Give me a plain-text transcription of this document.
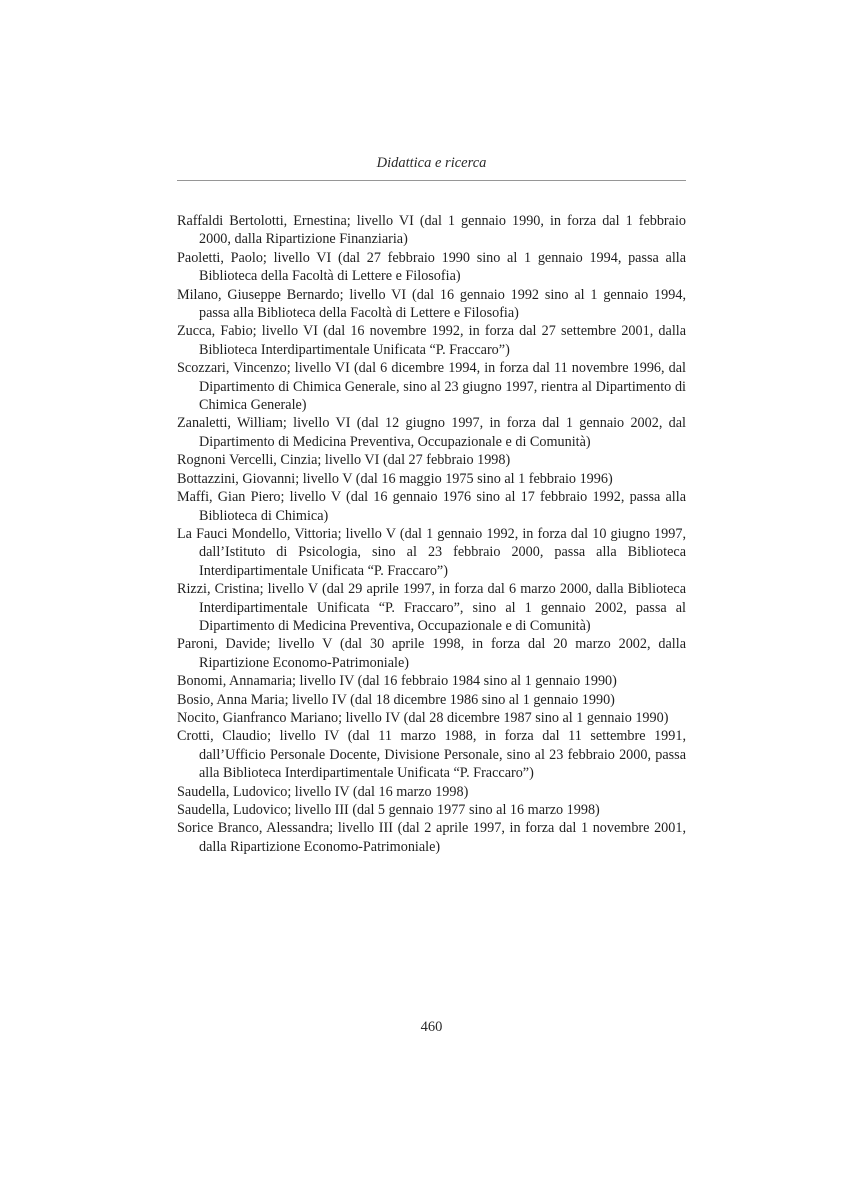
Didattica e ricerca

Raffaldi Bertolotti, Ernestina; livello VI (dal 1 gennaio 1990, in forza dal 1 febbraio 2000, dalla Ripartizione Finanziaria)

Paoletti, Paolo; livello VI (dal 27 febbraio 1990 sino al 1 gennaio 1994, passa alla Biblioteca della Facoltà di Lettere e Filosofia)

Milano, Giuseppe Bernardo; livello VI (dal 16 gennaio 1992 sino al 1 gennaio 1994, passa alla Biblioteca della Facoltà di Lettere e Filosofia)

Zucca, Fabio; livello VI (dal 16 novembre 1992, in forza dal 27 settembre 2001, dalla Biblioteca Interdipartimentale Unificata “P. Fraccaro”)

Scozzari, Vincenzo; livello VI (dal 6 dicembre 1994, in forza dal 11 novembre 1996, dal Dipartimento di Chimica Generale, sino al 23 giugno 1997, rientra al Dipartimento di Chimica Generale)

Zanaletti, William; livello VI (dal 12 giugno 1997, in forza dal 1 gennaio 2002, dal Dipartimento di Medicina Preventiva, Occupazionale e di Comunità)

Rognoni Vercelli, Cinzia; livello VI (dal 27 febbraio 1998)

Bottazzini, Giovanni; livello V (dal 16 maggio 1975 sino al 1 febbraio 1996)

Maffi, Gian Piero; livello V (dal 16 gennaio 1976 sino al 17 febbraio 1992, passa alla Biblioteca di Chimica)

La Fauci Mondello, Vittoria; livello V (dal 1 gennaio 1992, in forza dal 10 giugno 1997, dall’Istituto di Psicologia, sino al 23 febbraio 2000, passa alla Biblioteca Interdipartimentale Unificata “P. Fraccaro”)

Rizzi, Cristina; livello V (dal 29 aprile 1997, in forza dal 6 marzo 2000, dalla Biblioteca Interdipartimentale Unificata “P. Fraccaro”, sino al 1 gennaio 2002, passa al Dipartimento di Medicina Preventiva, Occupazionale e di Comunità)

Paroni, Davide; livello V (dal 30 aprile 1998, in forza dal 20 marzo 2002, dalla Ripartizione Economo-Patrimoniale)

Bonomi, Annamaria; livello IV (dal 16 febbraio 1984 sino al 1 gennaio 1990)

Bosio, Anna Maria; livello IV (dal 18 dicembre 1986 sino al 1 gennaio 1990)

Nocito, Gianfranco Mariano; livello IV (dal 28 dicembre 1987 sino al 1 gennaio 1990)

Crotti, Claudio; livello IV (dal 11 marzo 1988, in forza dal 11 settembre 1991, dall’Ufficio Personale Docente, Divisione Personale, sino al 23 febbraio 2000, passa alla Biblioteca Interdipartimentale Unificata “P. Fraccaro”)

Saudella, Ludovico; livello IV (dal 16 marzo 1998)

Saudella, Ludovico; livello III (dal 5 gennaio 1977 sino al 16 marzo 1998)

Sorice Branco, Alessandra; livello III (dal 2 aprile 1997, in forza dal 1 novembre 2001, dalla Ripartizione Economo-Patrimoniale)

460
